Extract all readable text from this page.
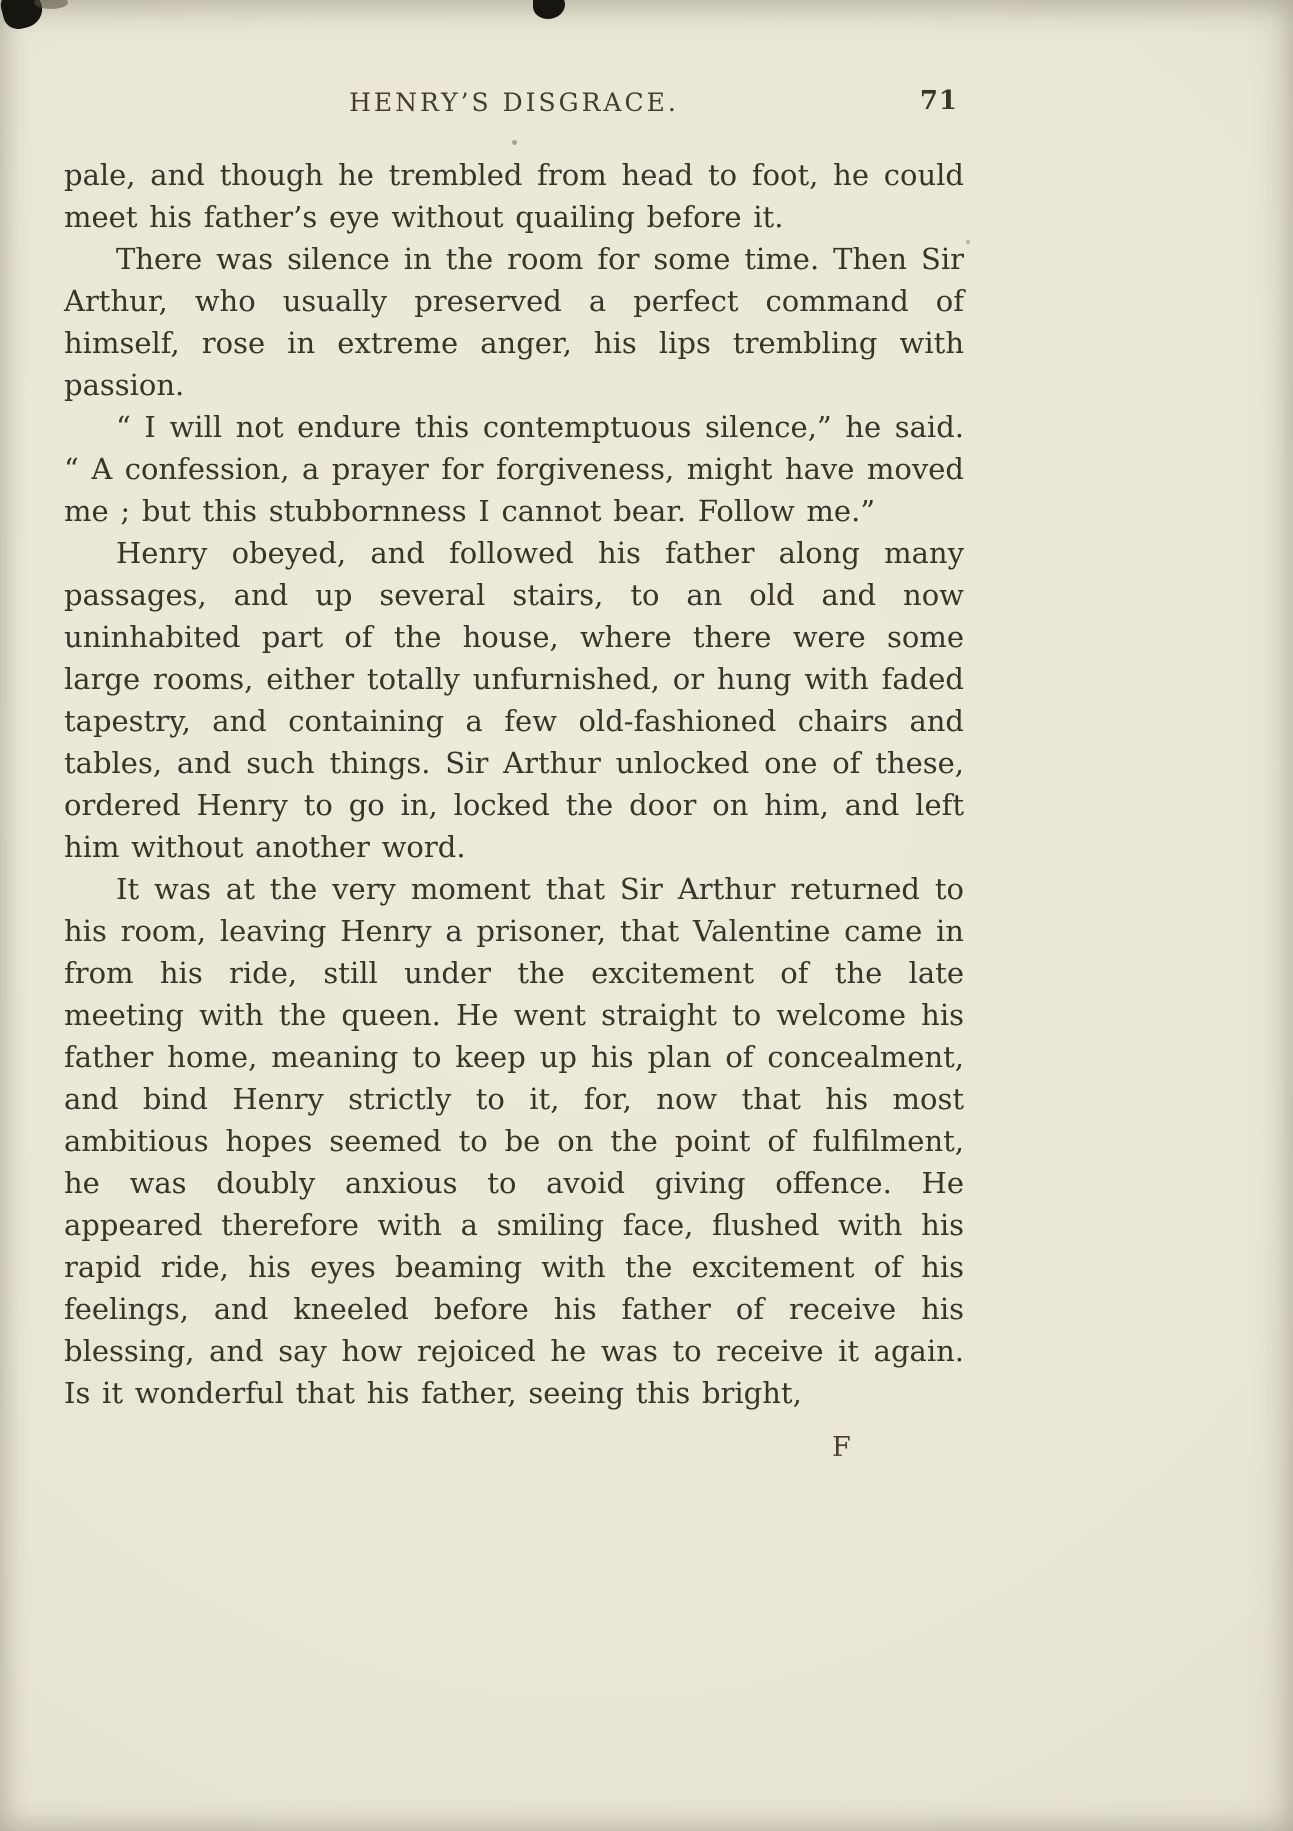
HENRY’S DISGRACE.	71

pale, and though he trembled from head to foot, he could meet his father’s eye without quailing before it.

There was silence in the room for some time. Then Sir Arthur, who usually preserved a perfect command of himself, rose in extreme anger, his lips trembling with passion.

“ I will not endure this contemptuous silence,” he said. “ A confession, a prayer for forgiveness, might have moved me ; but this stubbornness I cannot bear. Follow me.”

Henry obeyed, and followed his father along many passages, and up several stairs, to an old and now uninhabited part of the house, where there were some large rooms, either totally unfurnished, or hung with faded tapestry, and containing a few old-fashioned chairs and tables, and such things. Sir Arthur unlocked one of these, ordered Henry to go in, locked the door on him, and left him without another word.

It was at the very moment that Sir Arthur returned to his room, leaving Henry a prisoner, that Valentine came in from his ride, still under the excitement of the late meeting with the queen. He went straight to welcome his father home, meaning to keep up his plan of concealment, and bind Henry strictly to it, for, now that his most ambitious hopes seemed to be on the point of fulfilment, he was doubly anxious to avoid giving offence. He appeared therefore with a smiling face, flushed with his rapid ride, his eyes beaming with the excitement of his feelings, and kneeled before his father of receive his blessing, and say how rejoiced he was to receive it again. Is it wonderful that his father, seeing this bright,

F
